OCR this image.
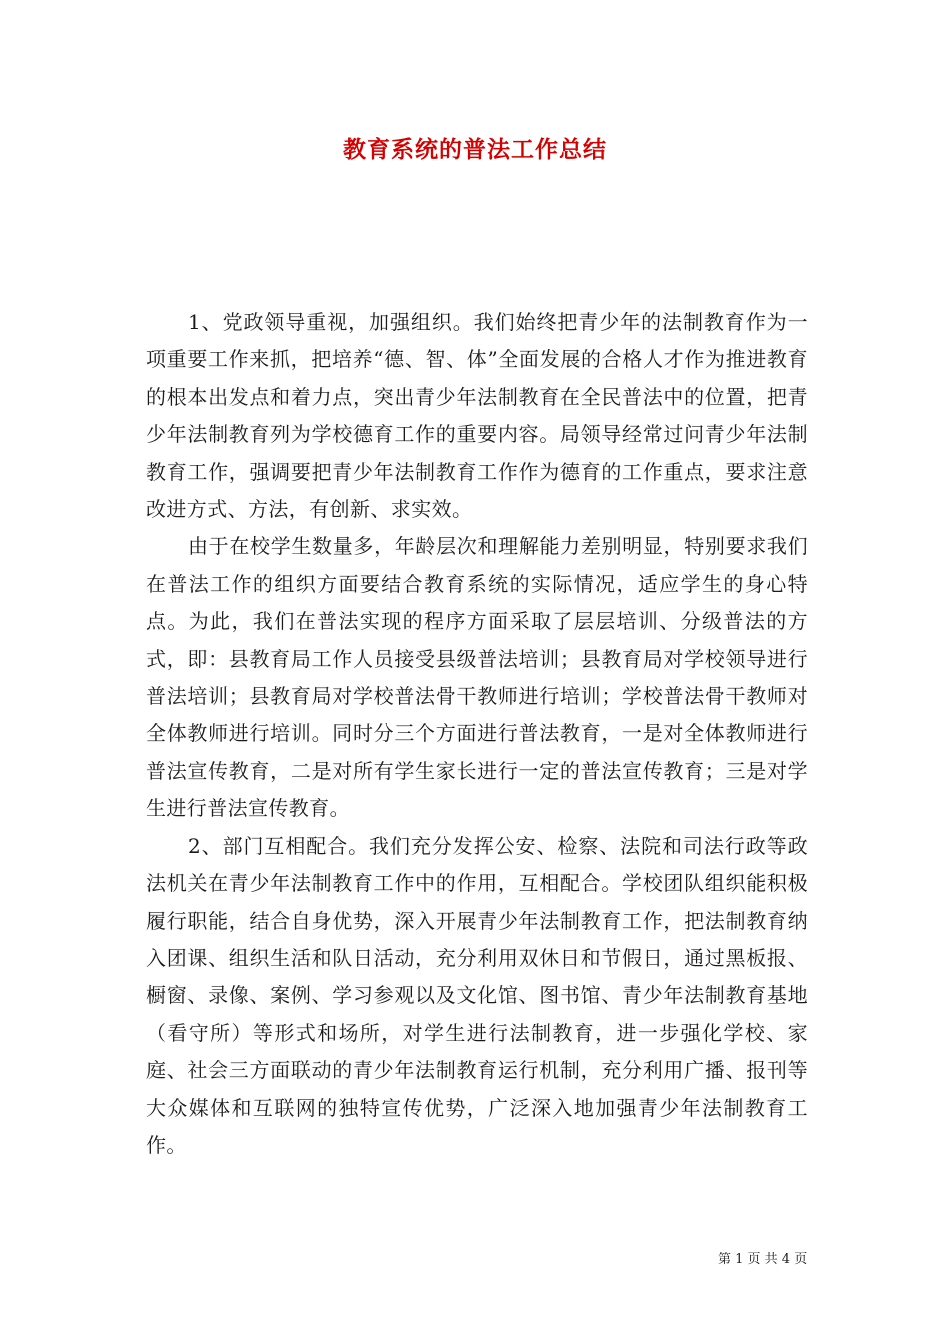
教育系统的普法工作总结

1、党政领导重视，加强组织。我们始终把青少年的法制教育作为一项重要工作来抓，把培养“德、智、体”全面发展的合格人才作为推进教育的根本出发点和着力点，突出青少年法制教育在全民普法中的位置，把青少年法制教育列为学校德育工作的重要内容。局领导经常过问青少年法制教育工作，强调要把青少年法制教育工作作为德育的工作重点，要求注意改进方式、方法，有创新、求实效。

由于在校学生数量多，年龄层次和理解能力差别明显，特别要求我们在普法工作的组织方面要结合教育系统的实际情况，适应学生的身心特点。为此，我们在普法实现的程序方面采取了层层培训、分级普法的方式，即：县教育局工作人员接受县级普法培训；县教育局对学校领导进行普法培训；县教育局对学校普法骨干教师进行培训；学校普法骨干教师对全体教师进行培训。同时分三个方面进行普法教育，一是对全体教师进行普法宣传教育，二是对所有学生家长进行一定的普法宣传教育；三是对学生进行普法宣传教育。

2、部门互相配合。我们充分发挥公安、检察、法院和司法行政等政法机关在青少年法制教育工作中的作用，互相配合。学校团队组织能积极履行职能，结合自身优势，深入开展青少年法制教育工作，把法制教育纳入团课、组织生活和队日活动，充分利用双休日和节假日，通过黑板报、橱窗、录像、案例、学习参观以及文化馆、图书馆、青少年法制教育基地（看守所）等形式和场所，对学生进行法制教育，进一步强化学校、家庭、社会三方面联动的青少年法制教育运行机制，充分利用广播、报刊等大众媒体和互联网的独特宣传优势，广泛深入地加强青少年法制教育工作。

第 1 页 共 4 页
